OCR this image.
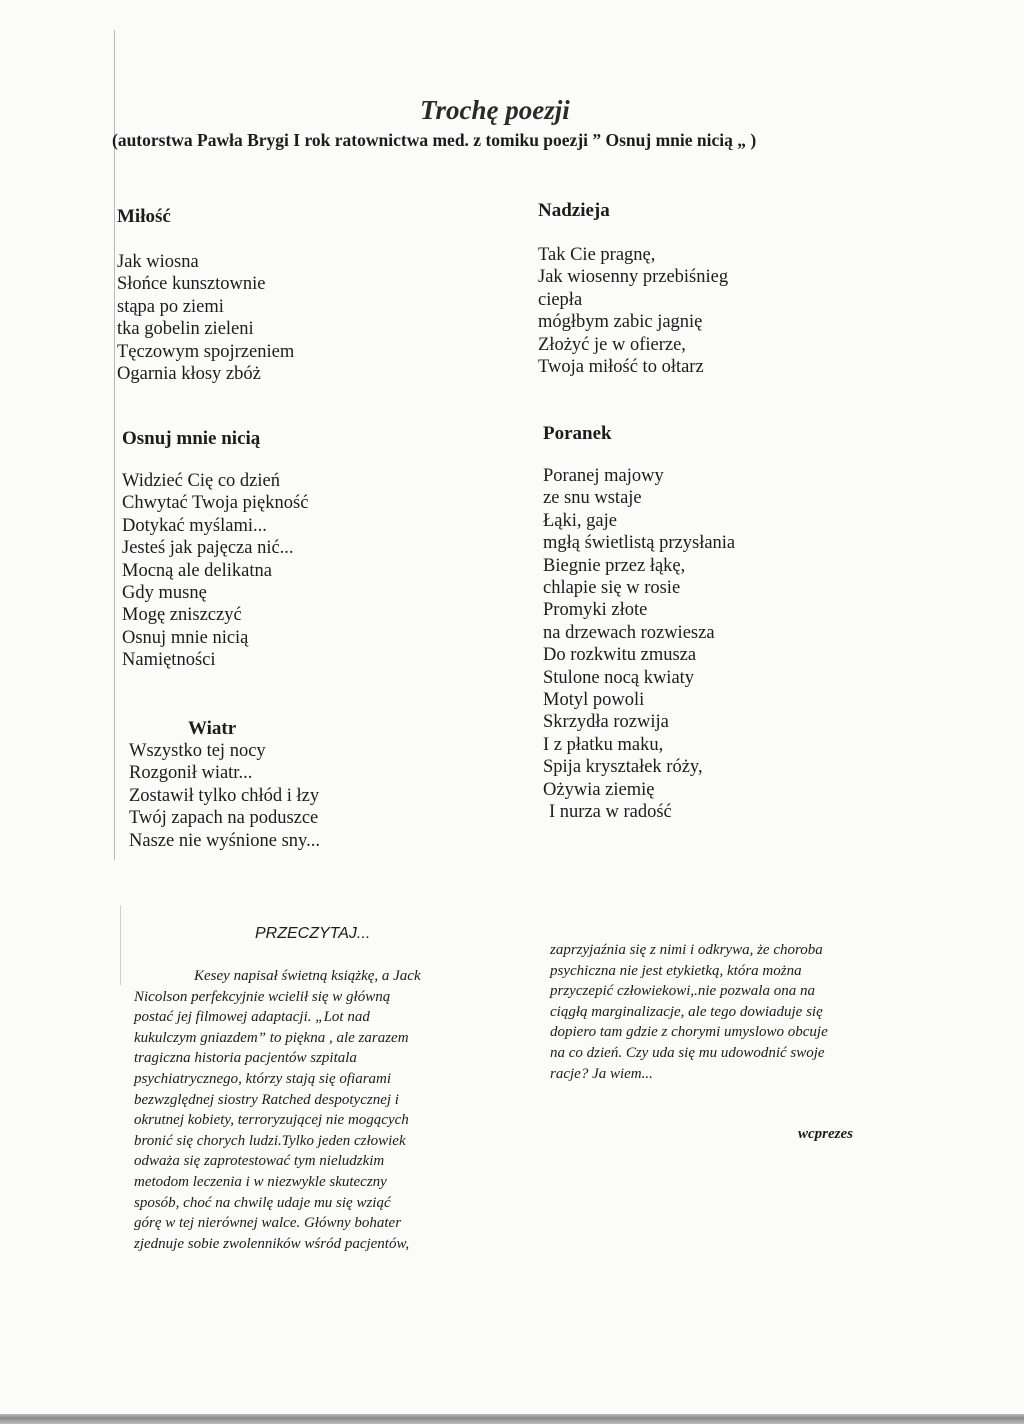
Trochę poezji

(autorstwa Pawła Brygi I rok ratownictwa med. z tomiku poezji ” Osnuj mnie nicią „ )

Miłość
Jak wiosna
Słońce kunsztownie
stąpa po ziemi
tka gobelin zieleni
Tęczowym spojrzeniem
Ogarnia kłosy zbóż
Nadzieja
Tak Cie pragnę,
Jak wiosenny przebiśnieg
ciepła
mógłbym zabic jagnię
Złożyć je w ofierze,
Twoja miłość to ołtarz
Osnuj mnie nicią
Widzieć Cię co dzień
Chwytać Twoja piękność
Dotykać myślami...
Jesteś jak pajęcza nić...
Mocną ale delikatna
Gdy musnę
Mogę zniszczyć
Osnuj mnie nicią
Namiętności
Poranek
Poranej majowy
ze snu wstaje
Łąki, gaje
mgłą świetlistą przysłania
Biegnie przez łąkę,
chlapie się w rosie
Promyki złote
na drzewach rozwiesza
Do rozkwitu zmusza
Stulone nocą kwiaty
Motyl powoli
Skrzydła rozwija
I z płatku maku,
Spija kryształek róży,
Ożywia ziemię
I nurza w radość
Wiatr
Wszystko tej nocy
Rozgonił wiatr...
Zostawił tylko chłód i łzy
Twój zapach na poduszce
Nasze nie wyśnione sny...
PRZECZYTAJ...
Kesey napisał świetną książkę, a Jack
Nicolson perfekcyjnie wcielił się w główną
postać jej filmowej adaptacji. „Lot nad
kukulczym gniazdem” to piękna , ale zarazem
tragiczna historia pacjentów szpitala
psychiatrycznego, którzy stają się ofiarami
bezwzględnej siostry Ratched despotycznej i
okrutnej kobiety, terroryzującej nie mogących
bronić się chorych ludzi.Tylko jeden człowiek
odważa się zaprotestować tym nieludzkim
metodom leczenia i w niezwykle skuteczny
sposób, choć na chwilę udaje mu się wziąć
górę w tej nierównej walce. Główny bohater
zjednuje sobie zwolenników wśród pacjentów,
zaprzyjaźnia się z nimi i odkrywa, że choroba
psychiczna nie jest etykietką, która można
przyczepić człowiekowi,.nie pozwala ona na
ciągłą marginalizacje, ale tego dowiaduje się
dopiero tam gdzie z chorymi umyslowo obcuje
na co dzień. Czy uda się mu udowodnić swoje
racje? Ja wiem...

wcprezes
